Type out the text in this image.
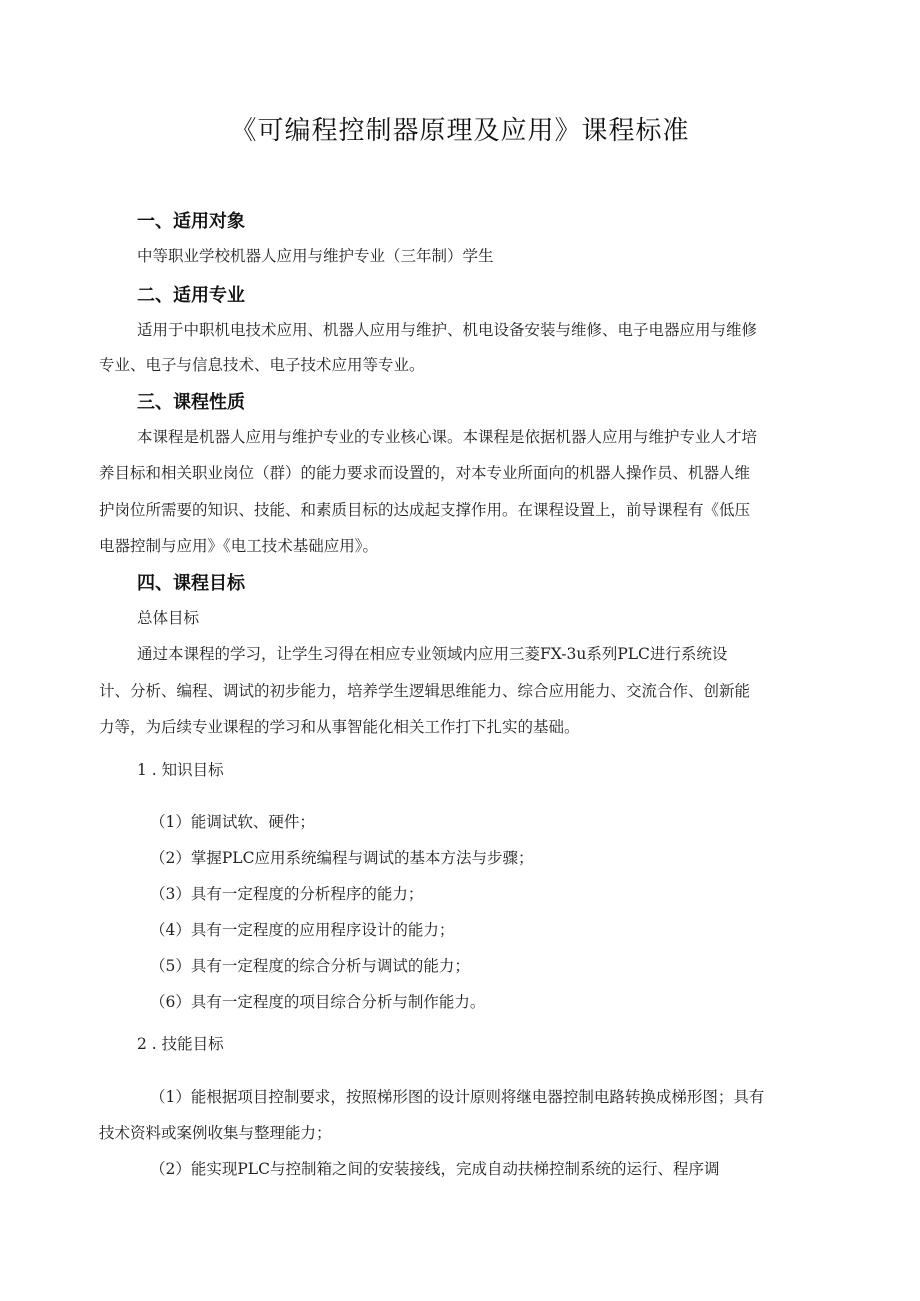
《可编程控制器原理及应用》课程标准
一、适用对象
中等职业学校机器人应用与维护专业（三年制）学生
二、适用专业
适用于中职机电技术应用、机器人应用与维护、机电设备安装与维修、电子电器应用与维修
专业、电子与信息技术、电子技术应用等专业。
三、课程性质
本课程是机器人应用与维护专业的专业核心课。本课程是依据机器人应用与维护专业人才培
养目标和相关职业岗位（群）的能力要求而设置的，对本专业所面向的机器人操作员、机器人维
护岗位所需要的知识、技能、和素质目标的达成起支撑作用。在课程设置上，前导课程有《低压
电器控制与应用》《电工技术基础应用》。
四、课程目标
总体目标
通过本课程的学习，让学生习得在相应专业领域内应用三菱FX-3u系列PLC进行系统设
计、分析、编程、调试的初步能力，培养学生逻辑思维能力、综合应用能力、交流合作、创新能
力等，为后续专业课程的学习和从事智能化相关工作打下扎实的基础。
1 . 知识目标
（1）能调试软、硬件；
（2）掌握PLC应用系统编程与调试的基本方法与步骤；
（3）具有一定程度的分析程序的能力；
（4）具有一定程度的应用程序设计的能力；
（5）具有一定程度的综合分析与调试的能力；
（6）具有一定程度的项目综合分析与制作能力。
2 . 技能目标
（1）能根据项目控制要求，按照梯形图的设计原则将继电器控制电路转换成梯形图；具有
技术资料或案例收集与整理能力；
（2）能实现PLC与控制箱之间的安装接线，完成自动扶梯控制系统的运行、程序调
